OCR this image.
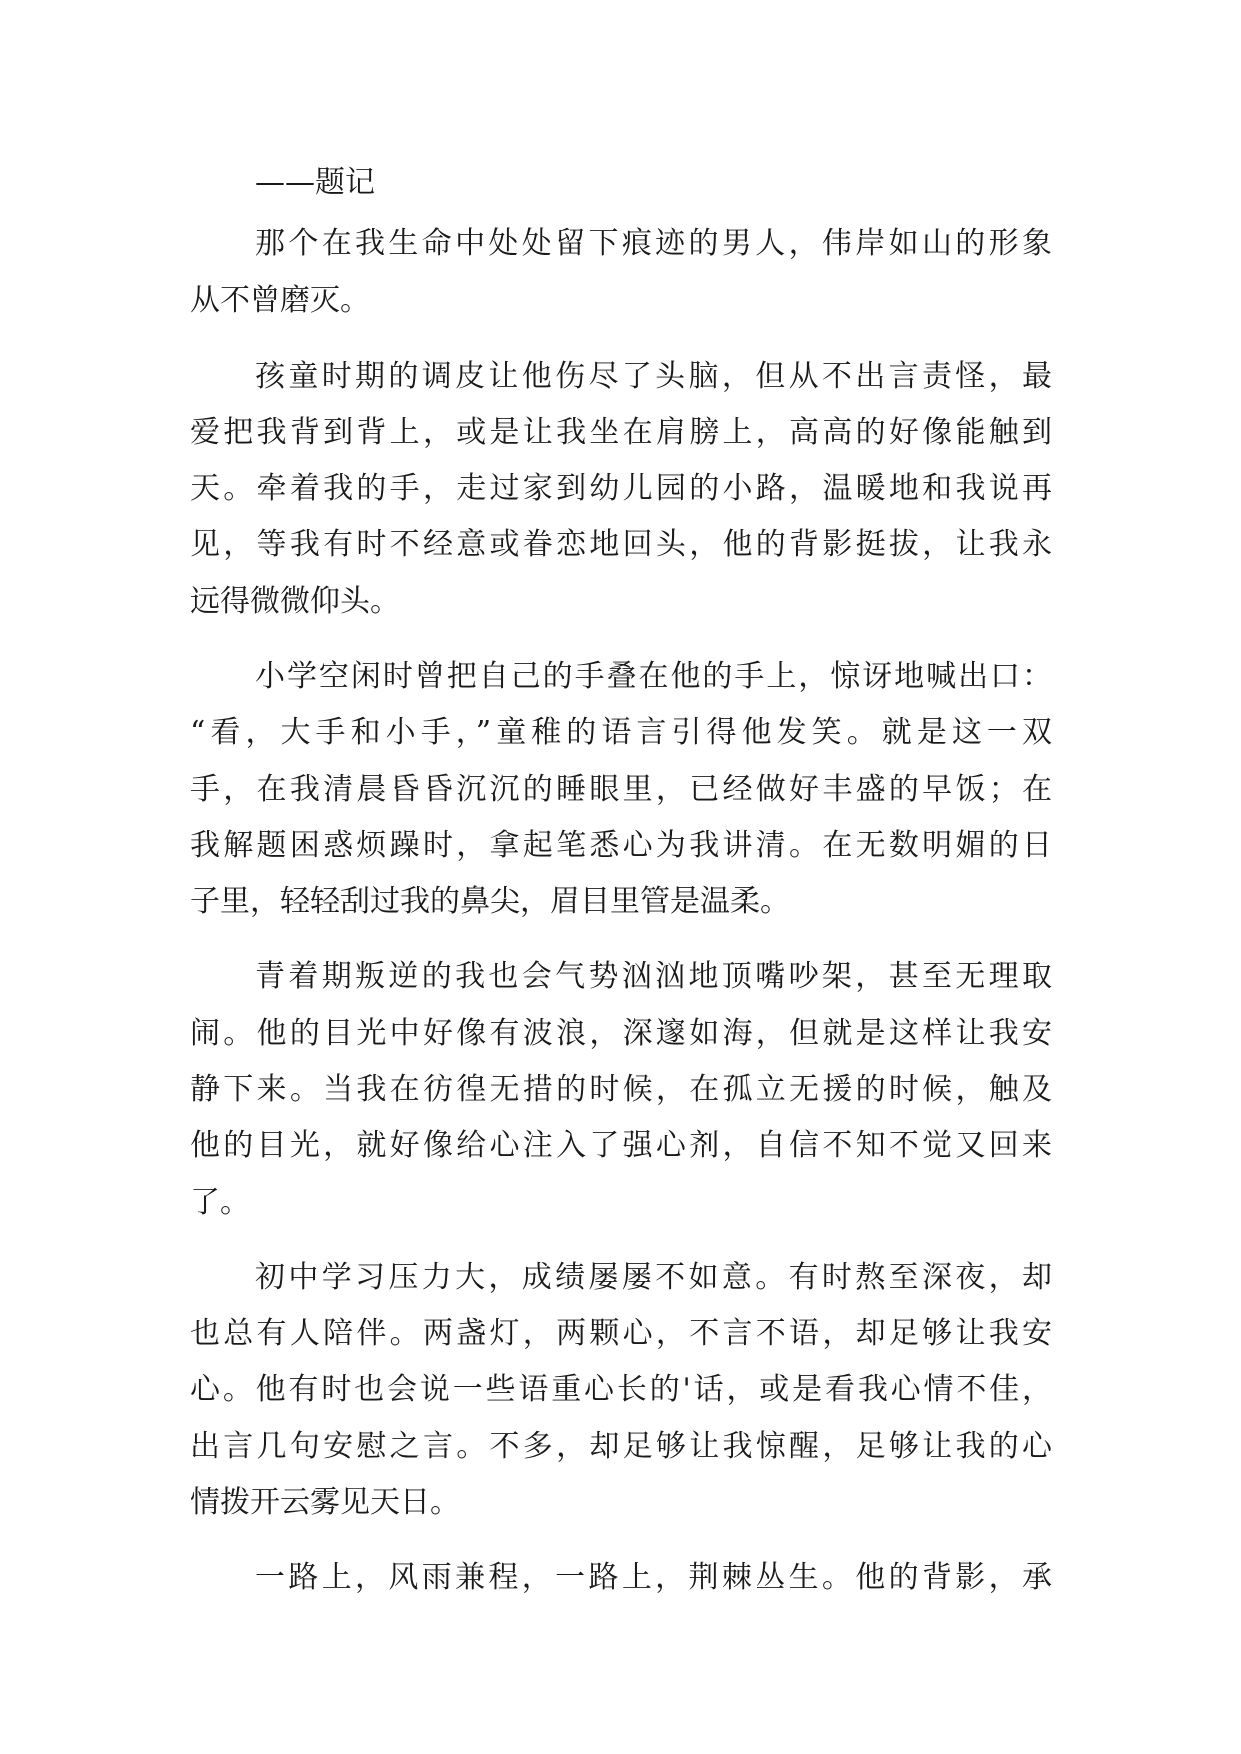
——题记
那个在我生命中处处留下痕迹的男人，伟岸如山的形象
从不曾磨灭。
孩童时期的调皮让他伤尽了头脑，但从不出言责怪，最
爱把我背到背上，或是让我坐在肩膀上，高高的好像能触到
天。牵着我的手，走过家到幼儿园的小路，温暖地和我说再
见，等我有时不经意或眷恋地回头，他的背影挺拔，让我永
远得微微仰头。
小学空闲时曾把自己的手叠在他的手上，惊讶地喊出口：
“看，大手和小手，”童稚的语言引得他发笑。就是这一双
手，在我清晨昏昏沉沉的睡眼里，已经做好丰盛的早饭；在
我解题困惑烦躁时，拿起笔悉心为我讲清。在无数明媚的日
子里，轻轻刮过我的鼻尖，眉目里管是温柔。
青着期叛逆的我也会气势汹汹地顶嘴吵架，甚至无理取
闹。他的目光中好像有波浪，深邃如海，但就是这样让我安
静下来。当我在彷徨无措的时候，在孤立无援的时候，触及
他的目光，就好像给心注入了强心剂，自信不知不觉又回来
了。
初中学习压力大，成绩屡屡不如意。有时熬至深夜，却
也总有人陪伴。两盏灯，两颗心，不言不语，却足够让我安
心。他有时也会说一些语重心长的'话，或是看我心情不佳，
出言几句安慰之言。不多，却足够让我惊醒，足够让我的心
情拨开云雾见天日。
一路上，风雨兼程，一路上，荆棘丛生。他的背影，承
